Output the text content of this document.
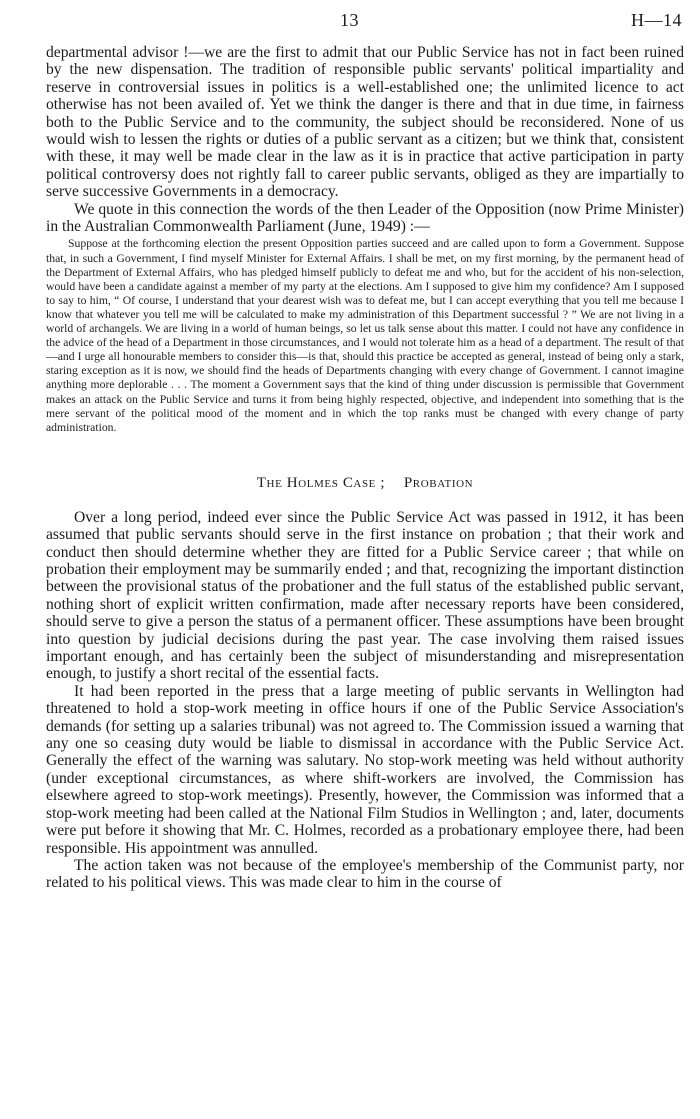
13	H—14

departmental advisor !—we are the first to admit that our Public Service has not in fact been ruined by the new dispensation. The tradition of responsible public servants' political impartiality and reserve in controversial issues in politics is a well-established one; the unlimited licence to act otherwise has not been availed of. Yet we think the danger is there and that in due time, in fairness both to the Public Service and to the community, the subject should be reconsidered. None of us would wish to lessen the rights or duties of a public servant as a citizen; but we think that, consistent with these, it may well be made clear in the law as it is in practice that active participation in party political controversy does not rightly fall to career public servants, obliged as they are impartially to serve successive Governments in a democracy.

We quote in this connection the words of the then Leader of the Opposition (now Prime Minister) in the Australian Commonwealth Parliament (June, 1949) :—

Suppose at the forthcoming election the present Opposition parties succeed and are called upon to form a Government. Suppose that, in such a Government, I find myself Minister for External Affairs. I shall be met, on my first morning, by the permanent head of the Department of External Affairs, who has pledged himself publicly to defeat me and who, but for the accident of his non-selection, would have been a candidate against a member of my party at the elections. Am I supposed to give him my confidence? Am I supposed to say to him, “ Of course, I understand that your dearest wish was to defeat me, but I can accept everything that you tell me because I know that whatever you tell me will be calculated to make my administration of this Department successful ? ” We are not living in a world of archangels. We are living in a world of human beings, so let us talk sense about this matter. I could not have any confidence in the advice of the head of a Department in those circumstances, and I would not tolerate him as a head of a department. The result of that—and I urge all honourable members to consider this—is that, should this practice be accepted as general, instead of being only a stark, staring exception as it is now, we should find the heads of Departments changing with every change of Government. I cannot imagine anything more deplorable . . . The moment a Government says that the kind of thing under discussion is permissible that Government makes an attack on the Public Service and turns it from being highly respected, objective, and independent into something that is the mere servant of the political mood of the moment and in which the top ranks must be changed with every change of party administration.

The Holmes Case ; Probation

Over a long period, indeed ever since the Public Service Act was passed in 1912, it has been assumed that public servants should serve in the first instance on probation ; that their work and conduct then should determine whether they are fitted for a Public Service career ; that while on probation their employment may be summarily ended ; and that, recognizing the important distinction between the provisional status of the probationer and the full status of the established public servant, nothing short of explicit written confirmation, made after necessary reports have been considered, should serve to give a person the status of a permanent officer. These assumptions have been brought into question by judicial decisions during the past year. The case involving them raised issues important enough, and has certainly been the subject of misunderstanding and misrepresentation enough, to justify a short recital of the essential facts.

It had been reported in the press that a large meeting of public servants in Wellington had threatened to hold a stop-work meeting in office hours if one of the Public Service Association's demands (for setting up a salaries tribunal) was not agreed to. The Commission issued a warning that any one so ceasing duty would be liable to dismissal in accordance with the Public Service Act. Generally the effect of the warning was salutary. No stop-work meeting was held without authority (under exceptional circumstances, as where shift-workers are involved, the Commission has elsewhere agreed to stop-work meetings). Presently, however, the Commission was informed that a stop-work meeting had been called at the National Film Studios in Wellington ; and, later, documents were put before it showing that Mr. C. Holmes, recorded as a probationary employee there, had been responsible. His appointment was annulled.

The action taken was not because of the employee's membership of the Communist party, nor related to his political views. This was made clear to him in the course of
